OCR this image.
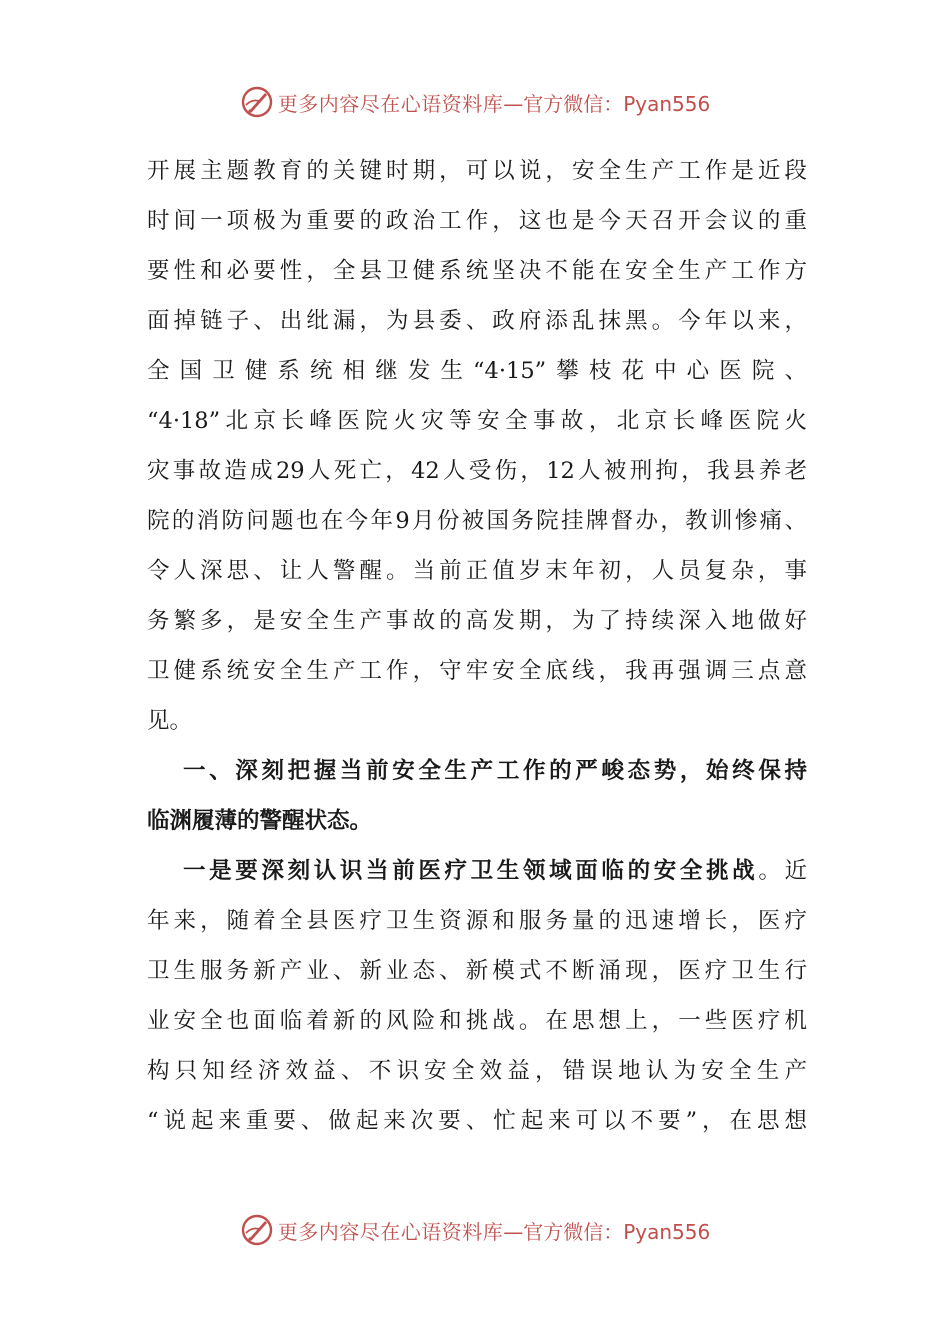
更多内容尽在心语资料库 —官方微信：Pyan556
开展主题教育的关键时期，可以说，安全生产工作是近段
时间一项极为重要的政治工作，这也是今天召开会议的重
要性和必要性，全县卫健系统坚决不能在安全生产工作方
面掉链子、出纰漏，为县委、政府添乱抹黑。今年以来，
全国卫健系统相继发生“4·15”攀枝花中心医院、
“4·18”北京长峰医院火灾等安全事故，北京长峰医院火
灾事故造成29人死亡，42人受伤，12人被刑拘，我县养老
院的消防问题也在今年9月份被国务院挂牌督办，教训惨痛、
令人深思、让人警醒。当前正值岁末年初，人员复杂，事
务繁多，是安全生产事故的高发期，为了持续深入地做好
卫健系统安全生产工作，守牢安全底线，我再强调三点意
见。
一、深刻把握当前安全生产工作的严峻态势，始终保持
临渊履薄的警醒状态。
一是要深刻认识当前医疗卫生领域面临的安全挑战。近
年来，随着全县医疗卫生资源和服务量的迅速增长，医疗
卫生服务新产业、新业态、新模式不断涌现，医疗卫生行
业安全也面临着新的风险和挑战。在思想上，一些医疗机
构只知经济效益、不识安全效益，错误地认为安全生产
“说起来重要、做起来次要、忙起来可以不要”，在思想
更多内容尽在心语资料库 —官方微信：Pyan556
